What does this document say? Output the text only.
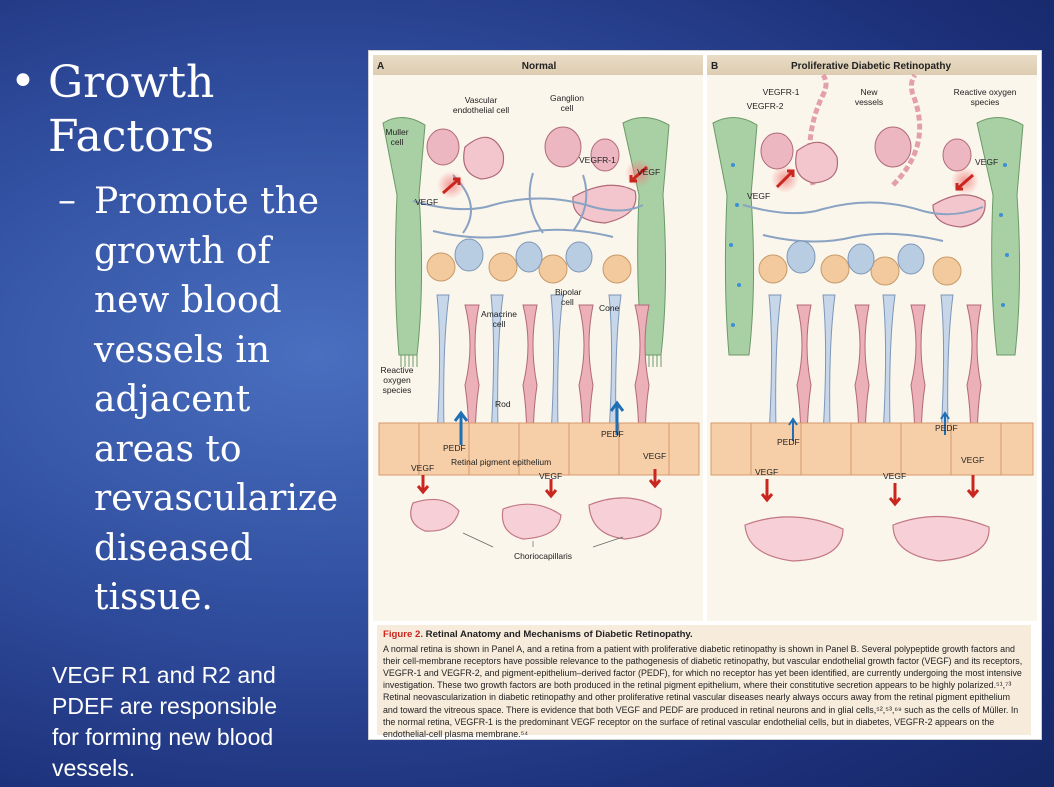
• Growth
Factors
– Promote the
growth of
new blood
vessels in
adjacent
areas to
revascularize
diseased
tissue.
VEGF R1 and R2 and
PDEF are responsible
for forming new blood
vessels.
A	Normal	B	Proliferative Diabetic Retinopathy
Vascular
endothelial cell
Ganglion
cell
Muller
cell
VEGF
VEGFR-1
VEGF
Bipolar
cell
Cone
Amacrine
cell
Reactive
oxygen
species
Rod
PEDF
PEDF
VEGF
Retinal pigment epithelium
VEGF
VEGF
Choriocapillaris
VEGFR-1
VEGFR-2
New
vessels
Reactive oxygen
species
VEGF
VEGF
PEDF
PEDF
VEGF	VEGF
VEGF
Figure 2. Retinal Anatomy and Mechanisms of Diabetic Retinopathy.
A normal retina is shown in Panel A, and a retina from a patient with proliferative diabetic retinopathy is shown in Panel B. Several polypeptide growth factors and their cell-membrane receptors have possible relevance to the pathogenesis of diabetic retinopathy, but vascular endothelial growth factor (VEGF) and its receptors, VEGFR-1 and VEGFR-2, and pigment-epithelium–derived factor (PEDF), for which no receptor has yet been identified, are currently undergoing the most intensive investigation. These two growth factors are both produced in the retinal pigment epithelium, where their constitutive secretion appears to be highly polarized.⁵¹,⁷³ Retinal neovascularization in diabetic retinopathy and other proliferative retinal vascular diseases nearly always occurs away from the retinal pigment epithelium and toward the vitreous space. There is evidence that both VEGF and PEDF are produced in retinal neurons and in glial cells,⁵²,⁵³,⁶⁹ such as the cells of Müller. In the normal retina, VEGFR-1 is the predominant VEGF receptor on the surface of retinal vascular endothelial cells, but in diabetes, VEGFR-2 appears on the endothelial-cell plasma membrane.⁵⁴
